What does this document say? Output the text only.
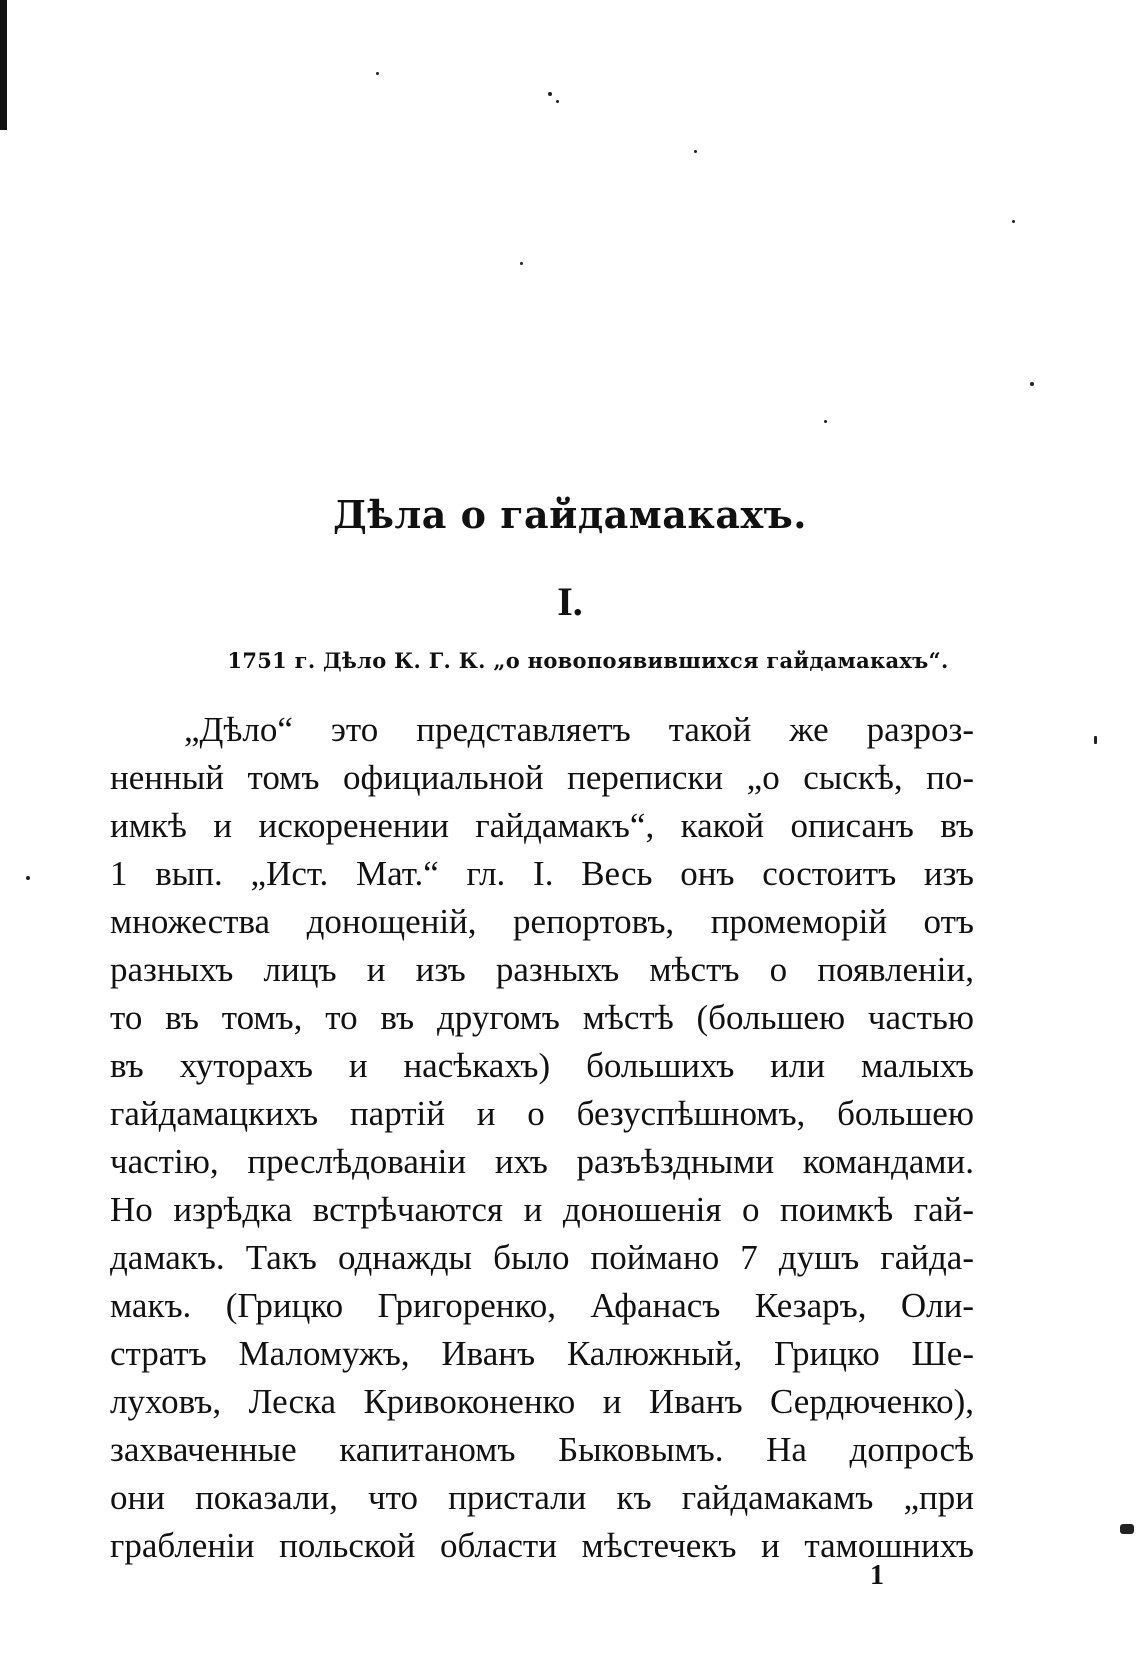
Дѣла о гайдамакахъ.
I.
1751 г. Дѣло К. Г. К. „о новопоявившихся гайдамакахъ“.
„Дѣло“ это представляетъ такой же разроз-
ненный томъ официальной переписки „о сыскѣ, по-
имкѣ и искоренении гайдамакъ“, какой описанъ въ
1 вып. „Ист. Мат.“ гл. I. Весь онъ состоитъ изъ
множества донощеній, репортовъ, промеморій отъ
разныхъ лицъ и изъ разныхъ мѣстъ о появленіи,
то въ томъ, то въ другомъ мѣстѣ (большею частью
въ хуторахъ и насѣкахъ) большихъ или малыхъ
гайдамацкихъ партій и о безуспѣшномъ, большею
частію, преслѣдованіи ихъ разъѣздными командами.
Но изрѣдка встрѣчаются и доношенія о поимкѣ гай-
дамакъ. Такъ однажды было поймано 7 душъ гайда-
макъ. (Грицко Григоренко, Афанасъ Кезаръ, Оли-
стратъ Маломужъ, Иванъ Калюжный, Грицко Ше-
луховъ, Леска Кривоконенко и Иванъ Сердюченко),
захваченные капитаномъ Быковымъ. На допросѣ
они показали, что пристали къ гайдамакамъ „при
грабленіи польской области мѣстечекъ и тамошнихъ
1
